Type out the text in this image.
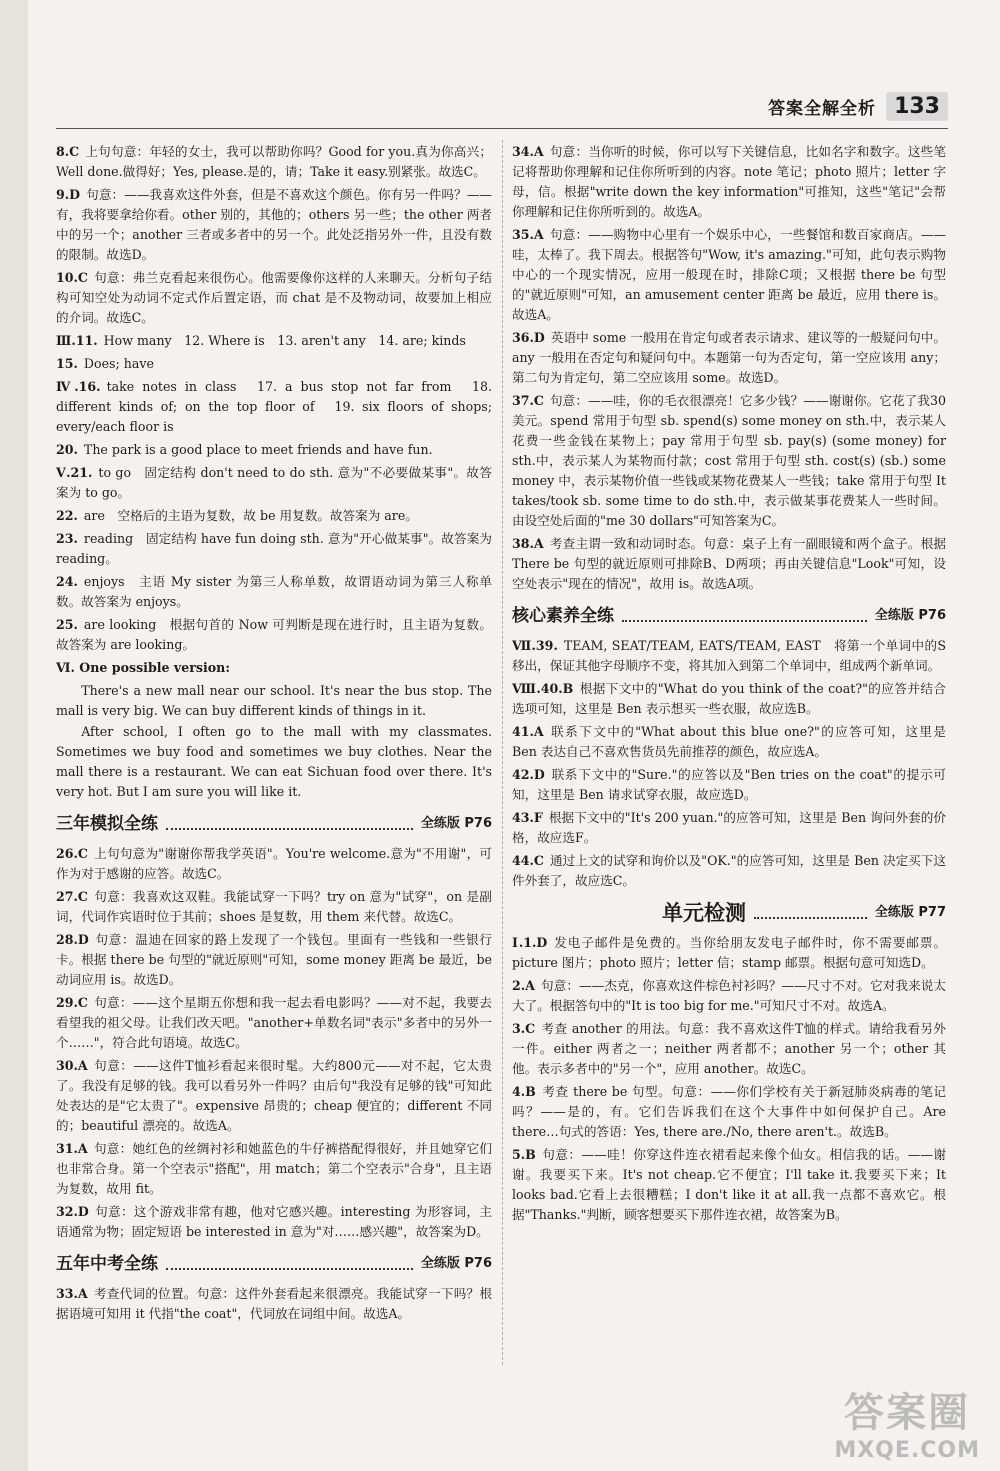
答案全解全析 133
8.C 上句句意：年轻的女士，我可以帮助你吗？Good for you.真为你高兴；Well done.做得好；Yes, please.是的，请；Take it easy.别紧张。故选C。
9.D 句意：——我喜欢这件外套，但是不喜欢这个颜色。你有另一件吗？——有，我将要拿给你看。other 别的，其他的；others 另一些；the other 两者中的另一个；another 三者或多者中的另一个。此处泛指另外一件，且没有数的限制。故选D。
10.C 句意：弗兰克看起来很伤心。他需要像你这样的人来聊天。分析句子结构可知空处为动词不定式作后置定语，而 chat 是不及物动词，故要加上相应的介词。故选C。
Ⅲ.11. How many　12. Where is　13. aren't any　14. are; kinds
15. Does; have
Ⅳ.16. take notes in class　17. a bus stop not far from　18. different kinds of; on the top floor of　19. six floors of shops; every/each floor is
20. The park is a good place to meet friends and have fun.
Ⅴ.21. to go　固定结构 don't need to do sth. 意为"不必要做某事"。故答案为 to go。
22. are　空格后的主语为复数，故 be 用复数。故答案为 are。
23. reading　固定结构 have fun doing sth. 意为"开心做某事"。故答案为 reading。
24. enjoys　主语 My sister 为第三人称单数，故谓语动词为第三人称单数。故答案为 enjoys。
25. are looking　根据句首的 Now 可判断是现在进行时，且主语为复数。故答案为 are looking。
Ⅵ. One possible version:
There's a new mall near our school. It's near the bus stop. The mall is very big. We can buy different kinds of things in it.
After school, I often go to the mall with my classmates. Sometimes we buy food and sometimes we buy clothes. Near the mall there is a restaurant. We can eat Sichuan food over there. It's very hot. But I am sure you will like it.
三年模拟全练	全练版 P76
26.C 上句句意为"谢谢你帮我学英语"。You're welcome.意为"不用谢"，可作为对于感谢的应答。故选C。
27.C 句意：我喜欢这双鞋。我能试穿一下吗？try on 意为"试穿"，on 是副词，代词作宾语时位于其前；shoes 是复数，用 them 来代替。故选C。
28.D 句意：温迪在回家的路上发现了一个钱包。里面有一些钱和一些银行卡。根据 there be 句型的"就近原则"可知，some money 距离 be 最近，be 动词应用 is。故选D。
29.C 句意：——这个星期五你想和我一起去看电影吗？——对不起，我要去看望我的祖父母。让我们改天吧。"another+单数名词"表示"多者中的另外一个……"，符合此句语境。故选C。
30.A 句意：——这件T恤衫看起来很时髦。大约800元——对不起，它太贵了。我没有足够的钱。我可以看另外一件吗？由后句"我没有足够的钱"可知此处表达的是"它太贵了"。expensive 昂贵的；cheap 便宜的；different 不同的；beautiful 漂亮的。故选A。
31.A 句意：她红色的丝绸衬衫和她蓝色的牛仔裤搭配得很好，并且她穿它们也非常合身。第一个空表示"搭配"，用 match；第二个空表示"合身"，且主语为复数，故用 fit。
32.D 句意：这个游戏非常有趣，他对它感兴趣。interesting 为形容词，主语通常为物；固定短语 be interested in 意为"对……感兴趣"，故答案为D。
五年中考全练	全练版 P76
33.A 考查代词的位置。句意：这件外套看起来很漂亮。我能试穿一下吗？根据语境可知用 it 代指"the coat"，代词放在词组中间。故选A。
34.A 句意：当你听的时候，你可以写下关键信息，比如名字和数字。这些笔记将帮助你理解和记住你所听到的内容。note 笔记；photo 照片；letter 字母，信。根据"write down the key information"可推知，这些"笔记"会帮你理解和记住你所听到的。故选A。
35.A 句意：——购物中心里有一个娱乐中心，一些餐馆和数百家商店。——哇，太棒了。我下周去。根据答句"Wow, it's amazing."可知，此句表示购物中心的一个现实情况，应用一般现在时，排除C项；又根据 there be 句型的"就近原则"可知，an amusement center 距离 be 最近，应用 there is。故选A。
36.D 英语中 some 一般用在肯定句或者表示请求、建议等的一般疑问句中。any 一般用在否定句和疑问句中。本题第一句为否定句，第一空应该用 any；第二句为肯定句，第二空应该用 some。故选D。
37.C 句意：——哇，你的毛衣很漂亮！它多少钱？——谢谢你。它花了我30美元。spend 常用于句型 sb. spend(s) some money on sth.中，表示某人花费一些金钱在某物上；pay 常用于句型 sb. pay(s) (some money) for sth.中，表示某人为某物而付款；cost 常用于句型 sth. cost(s) (sb.) some money 中，表示某物价值一些钱或某物花费某人一些钱；take 常用于句型 It takes/took sb. some time to do sth.中，表示做某事花费某人一些时间。由设空处后面的"me 30 dollars"可知答案为C。
38.A 考查主谓一致和动词时态。句意：桌子上有一副眼镜和两个盒子。根据 There be 句型的就近原则可排除B、D两项；再由关键信息"Look"可知，设空处表示"现在的情况"，故用 is。故选A项。
核心素养全练	全练版 P76
Ⅶ.39. TEAM, SEAT/TEAM, EATS/TEAM, EAST　将第一个单词中的S移出，保证其他字母顺序不变，将其加入到第二个单词中，组成两个新单词。
Ⅷ.40.B 根据下文中的"What do you think of the coat?"的应答并结合选项可知，这里是 Ben 表示想买一些衣服，故应选B。
41.A 联系下文中的"What about this blue one?"的应答可知，这里是 Ben 表达自己不喜欢售货员先前推荐的颜色，故应选A。
42.D 联系下文中的"Sure."的应答以及"Ben tries on the coat"的提示可知，这里是 Ben 请求试穿衣服，故应选D。
43.F 根据下文中的"It's 200 yuan."的应答可知，这里是 Ben 询问外套的价格，故应选F。
44.C 通过上文的试穿和询价以及"OK."的应答可知，这里是 Ben 决定买下这件外套了，故应选C。
单元检测	全练版 P77
Ⅰ.1.D 发电子邮件是免费的。当你给朋友发电子邮件时，你不需要邮票。picture 图片；photo 照片；letter 信；stamp 邮票。根据句意可知选D。
2.A 句意：——杰克，你喜欢这件棕色衬衫吗？——尺寸不对。它对我来说太大了。根据答句中的"It is too big for me."可知尺寸不对。故选A。
3.C 考查 another 的用法。句意：我不喜欢这件T恤的样式。请给我看另外一件。either 两者之一；neither 两者都不；another 另一个；other 其他。表示多者中的"另一个"，应用 another。故选C。
4.B 考查 there be 句型。句意：——你们学校有关于新冠肺炎病毒的笔记吗？——是的，有。它们告诉我们在这个大事件中如何保护自己。Are there…句式的答语：Yes, there are./No, there aren't.。故选B。
5.B 句意：——哇！你穿这件连衣裙看起来像个仙女。相信我的话。——谢谢。我要买下来。It's not cheap.它不便宜；I'll take it.我要买下来；It looks bad.它看上去很糟糕；I don't like it at all.我一点都不喜欢它。根据"Thanks."判断，顾客想要买下那件连衣裙，故答案为B。
答案圈
MXQE.COM
